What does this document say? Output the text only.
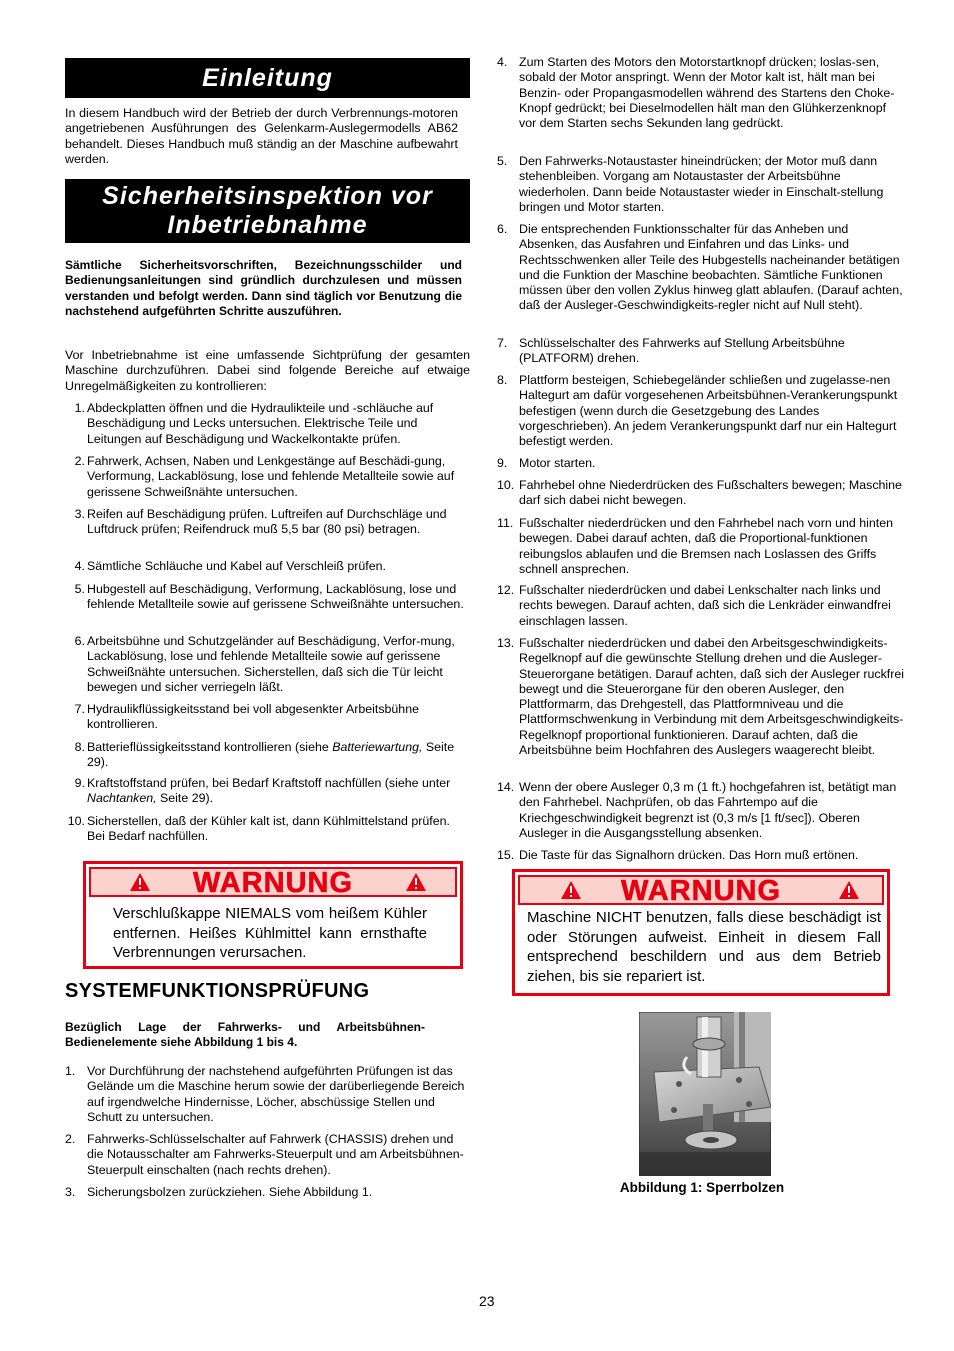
Einleitung
In diesem Handbuch wird der Betrieb der durch Verbrennungs-motoren angetriebenen Ausführungen des Gelenkarm-Auslegermodells AB62 behandelt. Dieses Handbuch muß ständig an der Maschine aufbewahrt werden.
Sicherheitsinspektion vor
Inbetriebnahme
Sämtliche Sicherheitsvorschriften, Bezeichnungsschilder und Bedienungsanleitungen sind gründlich durchzulesen und müssen verstanden und befolgt werden. Dann sind täglich vor Benutzung die nachstehend aufgeführten Schritte auszuführen.
Vor Inbetriebnahme ist eine umfassende Sichtprüfung der gesamten Maschine durchzuführen. Dabei sind folgende Bereiche auf etwaige Unregelmäßigkeiten zu kontrollieren:
1. Abdeckplatten öffnen und die Hydraulikteile und -schläuche auf Beschädigung und Lecks untersuchen. Elektrische Teile und Leitungen auf Beschädigung und Wackelkontakte prüfen.
2. Fahrwerk, Achsen, Naben und Lenkgestänge auf Beschädi-gung, Verformung, Lackablösung, lose und fehlende Metallteile sowie auf gerissene Schweißnähte untersuchen.
3. Reifen auf Beschädigung prüfen. Luftreifen auf Durchschläge und Luftdruck prüfen; Reifendruck muß 5,5 bar (80 psi) betragen.
4. Sämtliche Schläuche und Kabel auf Verschleiß prüfen.
5. Hubgestell auf Beschädigung, Verformung, Lackablösung, lose und fehlende Metallteile sowie auf gerissene Schweißnähte untersuchen.
6. Arbeitsbühne und Schutzgeländer auf Beschädigung, Verfor-mung, Lackablösung, lose und fehlende Metallteile sowie auf gerissene Schweißnähte untersuchen. Sicherstellen, daß sich die Tür leicht bewegen und sicher verriegeln läßt.
7. Hydraulikflüssigkeitsstand bei voll abgesenkter Arbeitsbühne kontrollieren.
8. Batterieflüssigkeitsstand kontrollieren (siehe Batteriewartung, Seite 29).
9. Kraftstoffstand prüfen, bei Bedarf Kraftstoff nachfüllen (siehe unter Nachtanken, Seite 29).
10. Sicherstellen, daß der Kühler kalt ist, dann Kühlmittelstand prüfen. Bei Bedarf nachfüllen.
WARNUNG
Verschlußkappe NIEMALS vom heißem Kühler entfernen. Heißes Kühlmittel kann ernsthafte Verbrennungen verursachen.
SYSTEMFUNKTIONSPRÜFUNG
Bezüglich Lage der Fahrwerks- und Arbeitsbühnen-Bedienelemente siehe Abbildung 1 bis 4.
1. Vor Durchführung der nachstehend aufgeführten Prüfungen ist das Gelände um die Maschine herum sowie der darüberliegende Bereich auf irgendwelche Hindernisse, Löcher, abschüssige Stellen und Schutt zu untersuchen.
2. Fahrwerks-Schlüsselschalter auf Fahrwerk (CHASSIS) drehen und die Notausschalter am Fahrwerks-Steuerpult und am Arbeitsbühnen-Steuerpult einschalten (nach rechts drehen).
3. Sicherungsbolzen zurückziehen. Siehe Abbildung 1.
4. Zum Starten des Motors den Motorstartknopf drücken; loslas-sen, sobald der Motor anspringt. Wenn der Motor kalt ist, hält man bei Benzin- oder Propangasmodellen während des Startens den Choke-Knopf gedrückt; bei Dieselmodellen hält man den Glühkerzenknopf vor dem Starten sechs Sekunden lang gedrückt.
5. Den Fahrwerks-Notaustaster hineindrücken; der Motor muß dann stehenbleiben. Vorgang am Notaustaster der Arbeitsbühne wiederholen. Dann beide Notaustaster wieder in Einschalt-stellung bringen und Motor starten.
6. Die entsprechenden Funktionsschalter für das Anheben und Absenken, das Ausfahren und Einfahren und das Links- und Rechtsschwenken aller Teile des Hubgestells nacheinander betätigen und die Funktion der Maschine beobachten. Sämtliche Funktionen müssen über den vollen Zyklus hinweg glatt ablaufen. (Darauf achten, daß der Ausleger-Geschwindigkeits-regler nicht auf Null steht).
7. Schlüsselschalter des Fahrwerks auf Stellung Arbeitsbühne (PLATFORM) drehen.
8. Plattform besteigen, Schiebegeländer schließen und zugelasse-nen Haltegurt am dafür vorgesehenen Arbeitsbühnen-Verankerungspunkt befestigen (wenn durch die Gesetzgebung des Landes vorgeschrieben). An jedem Verankerungspunkt darf nur ein Haltegurt befestigt werden.
9. Motor starten.
10. Fahrhebel ohne Niederdrücken des Fußschalters bewegen; Maschine darf sich dabei nicht bewegen.
11. Fußschalter niederdrücken und den Fahrhebel nach vorn und hinten bewegen. Dabei darauf achten, daß die Proportional-funktionen reibungslos ablaufen und die Bremsen nach Loslassen des Griffs schnell ansprechen.
12. Fußschalter niederdrücken und dabei Lenkschalter nach links und rechts bewegen. Darauf achten, daß sich die Lenkräder einwandfrei einschlagen lassen.
13. Fußschalter niederdrücken und dabei den Arbeitsgeschwindigkeits-Regelknopf auf die gewünschte Stellung drehen und die Ausleger-Steuerorgane betätigen. Darauf achten, daß sich der Ausleger ruckfrei bewegt und die Steuerorgane für den oberen Ausleger, den Plattformarm, das Drehgestell, das Plattformniveau und die Plattformschwenkung in Verbindung mit dem Arbeitsgeschwindigkeits-Regelknopf proportional funktionieren. Darauf achten, daß die Arbeitsbühne beim Hochfahren des Auslegers waagerecht bleibt.
14. Wenn der obere Ausleger 0,3 m (1 ft.) hochgefahren ist, betätigt man den Fahrhebel. Nachprüfen, ob das Fahrtempo auf die Kriechgeschwindigkeit begrenzt ist (0,3 m/s [1 ft/sec]). Oberen Ausleger in die Ausgangsstellung absenken.
15. Die Taste für das Signalhorn drücken. Das Horn muß ertönen.
WARNUNG
Maschine NICHT benutzen, falls diese beschädigt ist oder Störungen aufweist. Einheit in diesem Fall entsprechend beschildern und aus dem Betrieb ziehen, bis sie repariert ist.
Abbildung 1: Sperrbolzen
23
